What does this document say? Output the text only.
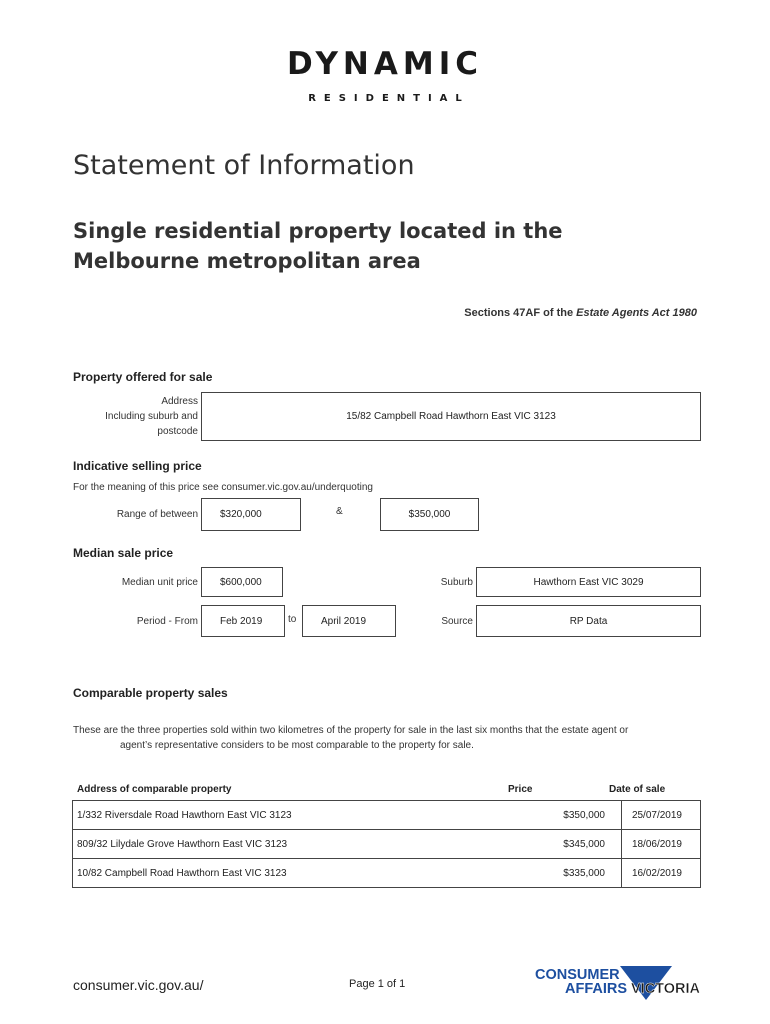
DYNAMIC
RESIDENTIAL
Statement of Information
Single residential property located in the Melbourne metropolitan area
Sections 47AF of the Estate Agents Act 1980
Property offered for sale
Address
Including suburb and
postcode
15/82 Campbell Road Hawthorn East VIC 3123
Indicative selling price
For the meaning of this price see consumer.vic.gov.au/underquoting
Range of between $320,000	&	$350,000
Median sale price
Median unit price $600,000	Suburb	Hawthorn East VIC 3029
Period - From Feb 2019	to April 2019	Source	RP Data
Comparable property sales
These are the three properties sold within two kilometres of the property for sale in the last six months that the estate agent or
agent’s representative considers to be most comparable to the property for sale.
Address of comparable property	Price	Date of sale
1/332 Riversdale Road Hawthorn East VIC 3123	$350,000	25/07/2019
809/32 Lilydale Grove Hawthorn East VIC 3123	$345,000	18/06/2019
10/82 Campbell Road Hawthorn East VIC 3123	$335,000	16/02/2019
consumer.vic.gov.au/	Page 1 of 1
CONSUMER
AFFAIRS VICTORIA
